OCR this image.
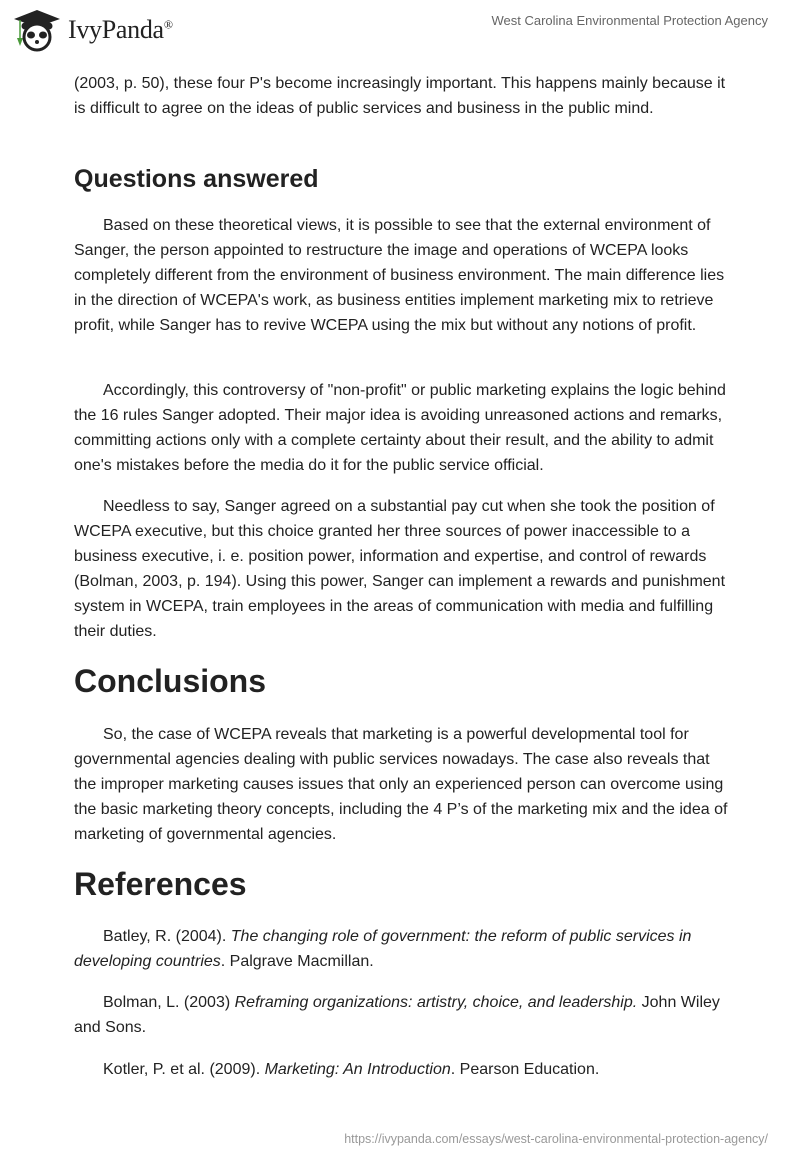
IvyPanda®	West Carolina Environmental Protection Agency

(2003, p. 50), these four P's become increasingly important. This happens mainly because it is difficult to agree on the ideas of public services and business in the public mind.

Questions answered

Based on these theoretical views, it is possible to see that the external environment of Sanger, the person appointed to restructure the image and operations of WCEPA looks completely different from the environment of business environment. The main difference lies in the direction of WCEPA's work, as business entities implement marketing mix to retrieve profit, while Sanger has to revive WCEPA using the mix but without any notions of profit.

Accordingly, this controversy of "non-profit" or public marketing explains the logic behind the 16 rules Sanger adopted. Their major idea is avoiding unreasoned actions and remarks, committing actions only with a complete certainty about their result, and the ability to admit one's mistakes before the media do it for the public service official.

Needless to say, Sanger agreed on a substantial pay cut when she took the position of WCEPA executive, but this choice granted her three sources of power inaccessible to a business executive, i. e. position power, information and expertise, and control of rewards (Bolman, 2003, p. 194). Using this power, Sanger can implement a rewards and punishment system in WCEPA, train employees in the areas of communication with media and fulfilling their duties.

Conclusions

So, the case of WCEPA reveals that marketing is a powerful developmental tool for governmental agencies dealing with public services nowadays. The case also reveals that the improper marketing causes issues that only an experienced person can overcome using the basic marketing theory concepts, including the 4 P’s of the marketing mix and the idea of marketing of governmental agencies.

References

Batley, R. (2004). The changing role of government: the reform of public services in developing countries. Palgrave Macmillan.

Bolman, L. (2003) Reframing organizations: artistry, choice, and leadership. John Wiley and Sons.

Kotler, P. et al. (2009). Marketing: An Introduction. Pearson Education.

https://ivypanda.com/essays/west-carolina-environmental-protection-agency/
